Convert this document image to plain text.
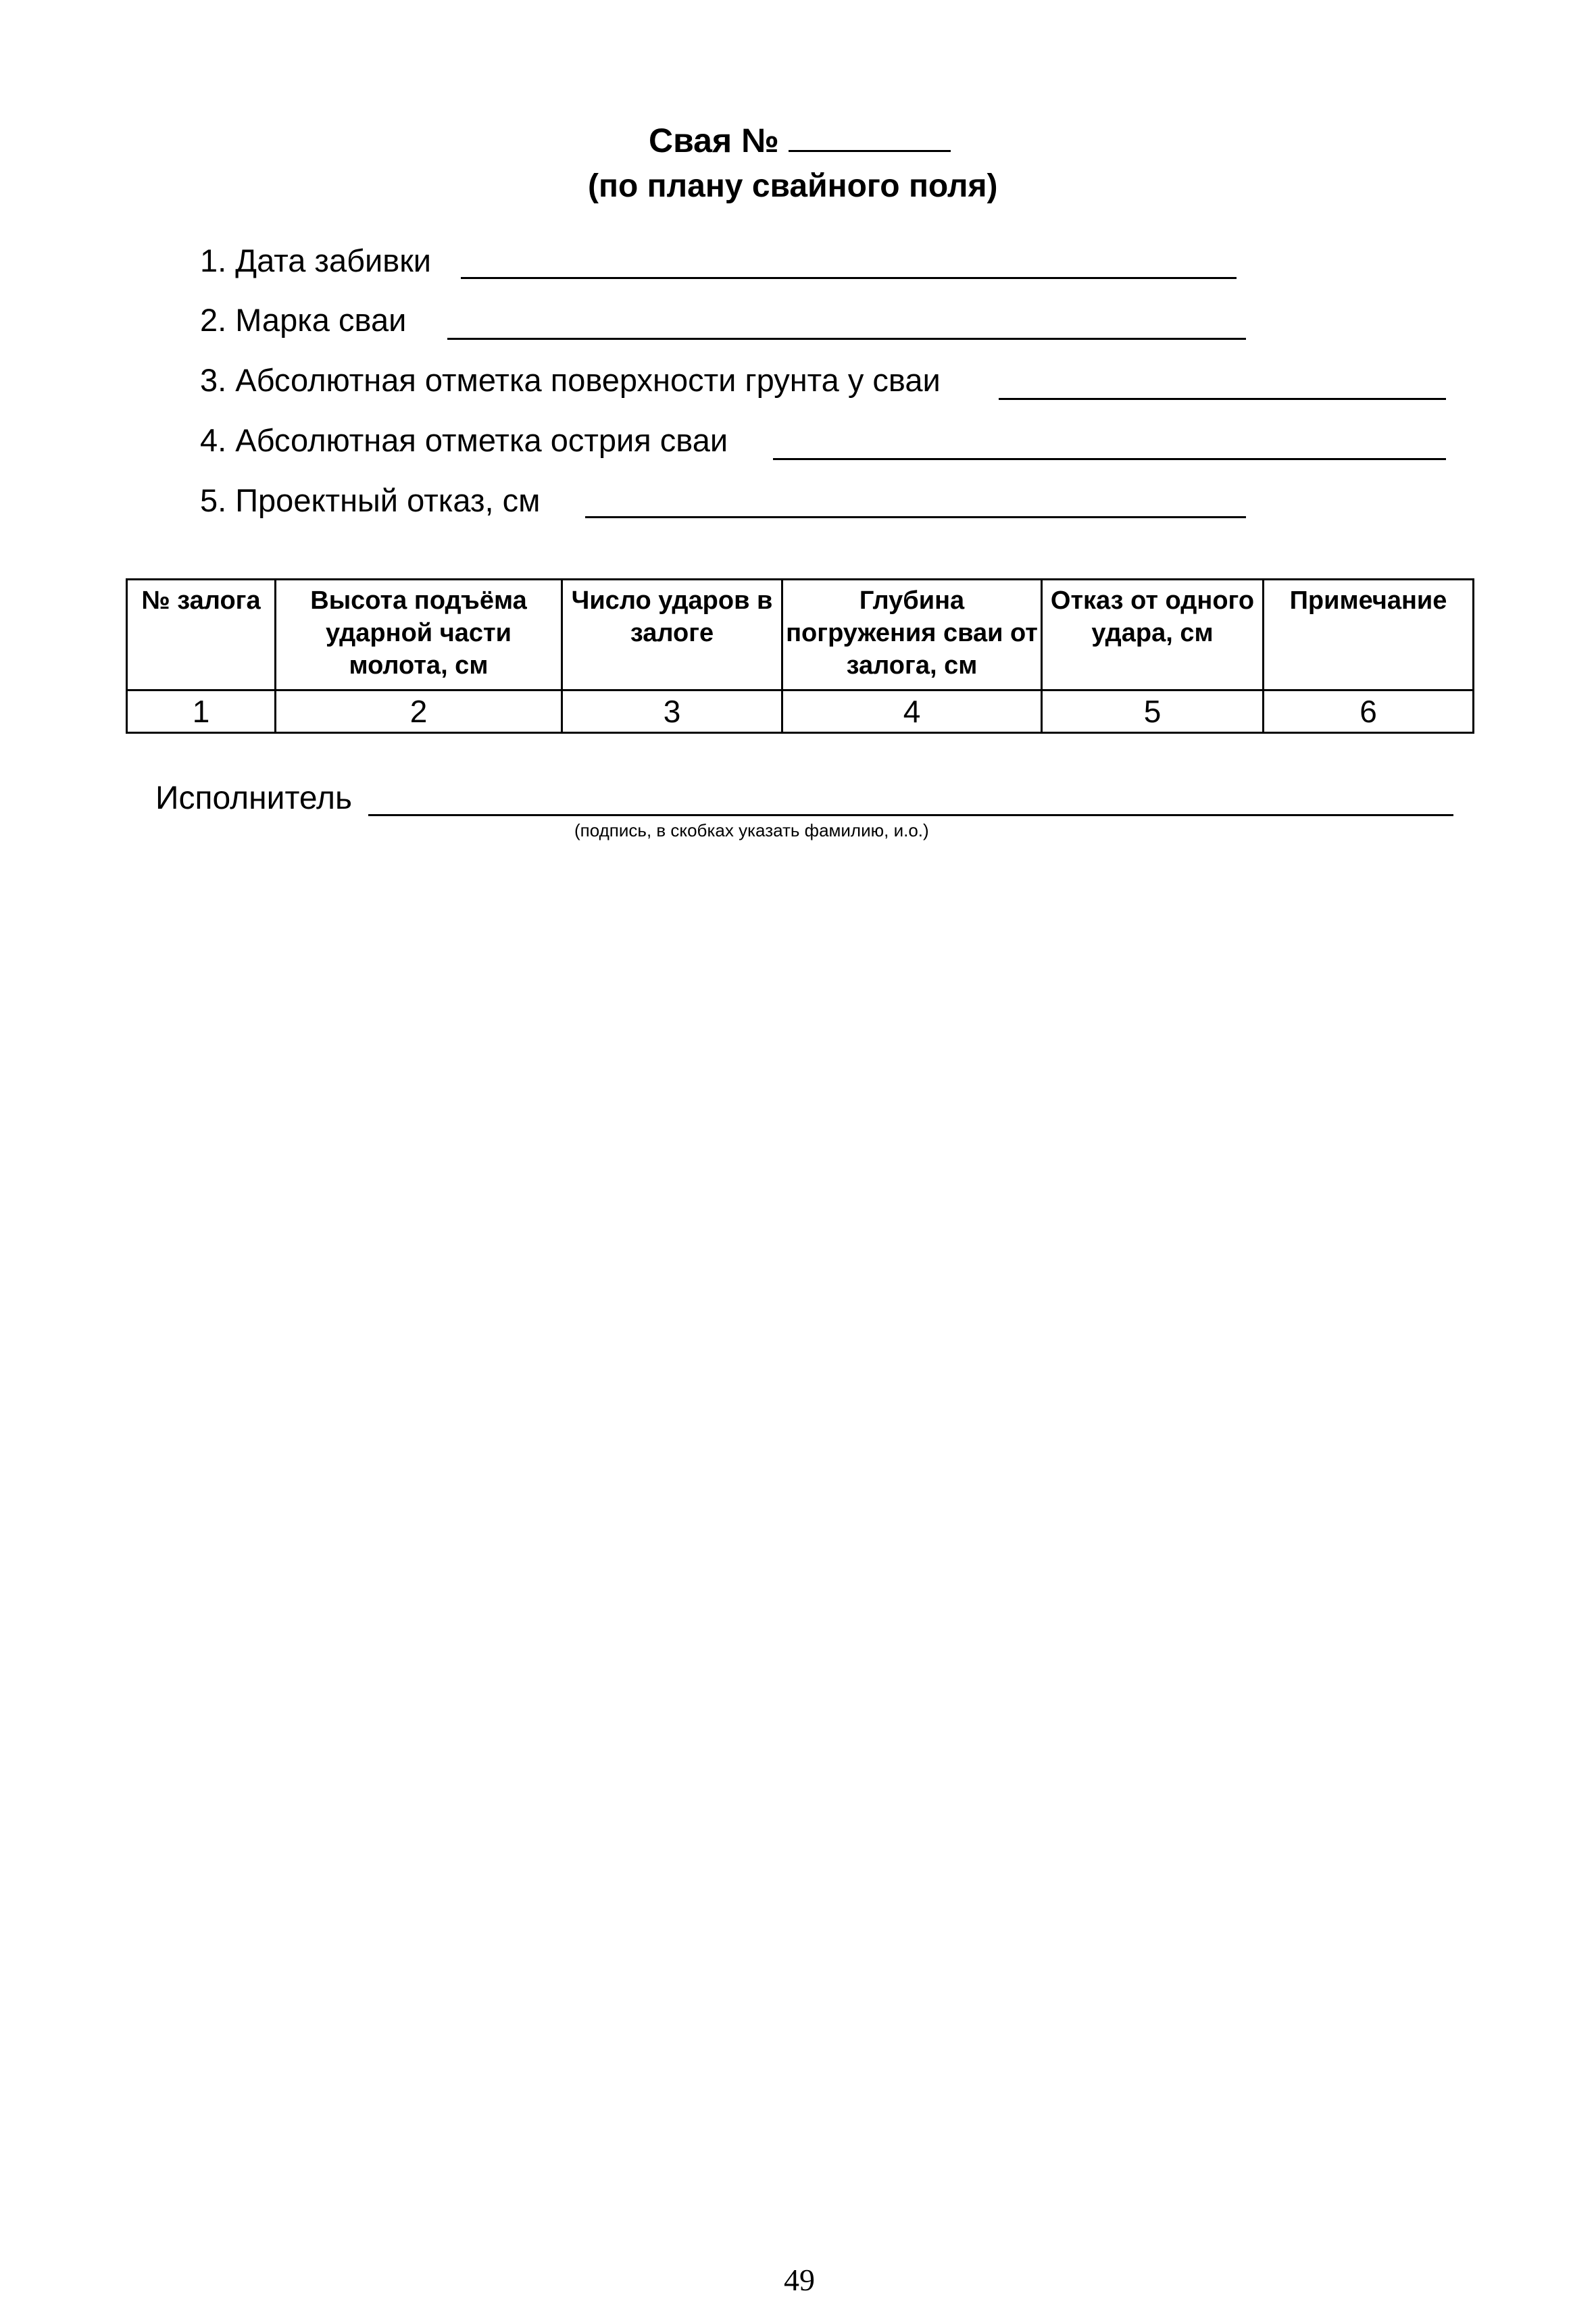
Свая №
(по плану свайного поля)
1. Дата забивки
2. Марка сваи
3. Абсолютная отметка поверхности грунта у сваи
4. Абсолютная отметка острия сваи
5. Проектный отказ, см
№ залога	Высота подъёма ударной части молота, см	Число ударов в залоге	Глубина погружения сваи от залога, см	Отказ от одного удара, см	Примечание
1	2	3	4	5	6
Исполнитель
(подпись, в скобках указать фамилию, и.о.)
49
